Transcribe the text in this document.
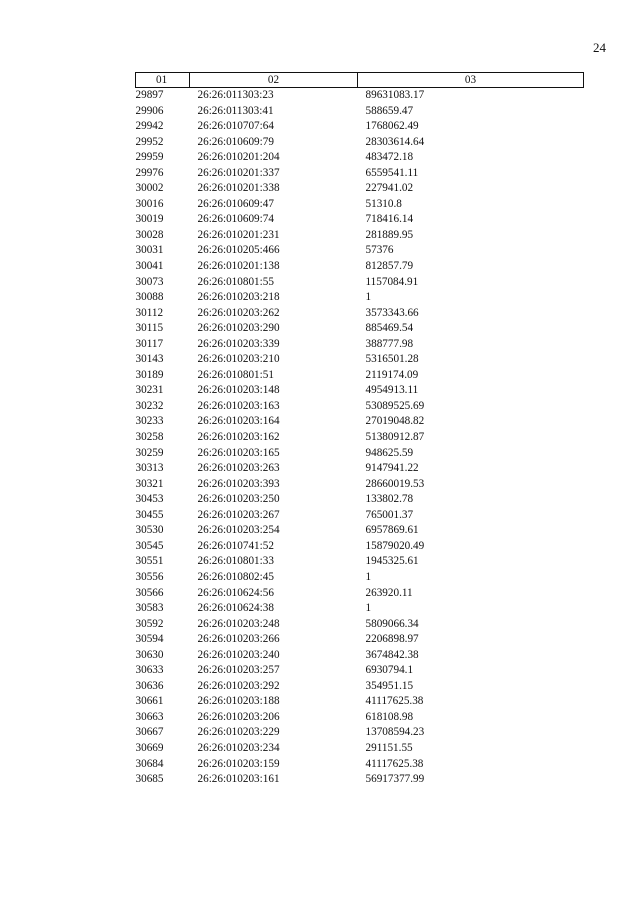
24
01	02	03
29897	26:26:011303:23	89631083.17
29906	26:26:011303:41	588659.47
29942	26:26:010707:64	1768062.49
29952	26:26:010609:79	28303614.64
29959	26:26:010201:204	483472.18
29976	26:26:010201:337	6559541.11
30002	26:26:010201:338	227941.02
30016	26:26:010609:47	51310.8
30019	26:26:010609:74	718416.14
30028	26:26:010201:231	281889.95
30031	26:26:010205:466	57376
30041	26:26:010201:138	812857.79
30073	26:26:010801:55	1157084.91
30088	26:26:010203:218	1
30112	26:26:010203:262	3573343.66
30115	26:26:010203:290	885469.54
30117	26:26:010203:339	388777.98
30143	26:26:010203:210	5316501.28
30189	26:26:010801:51	2119174.09
30231	26:26:010203:148	4954913.11
30232	26:26:010203:163	53089525.69
30233	26:26:010203:164	27019048.82
30258	26:26:010203:162	51380912.87
30259	26:26:010203:165	948625.59
30313	26:26:010203:263	9147941.22
30321	26:26:010203:393	28660019.53
30453	26:26:010203:250	133802.78
30455	26:26:010203:267	765001.37
30530	26:26:010203:254	6957869.61
30545	26:26:010741:52	15879020.49
30551	26:26:010801:33	1945325.61
30556	26:26:010802:45	1
30566	26:26:010624:56	263920.11
30583	26:26:010624:38	1
30592	26:26:010203:248	5809066.34
30594	26:26:010203:266	2206898.97
30630	26:26:010203:240	3674842.38
30633	26:26:010203:257	6930794.1
30636	26:26:010203:292	354951.15
30661	26:26:010203:188	41117625.38
30663	26:26:010203:206	618108.98
30667	26:26:010203:229	13708594.23
30669	26:26:010203:234	291151.55
30684	26:26:010203:159	41117625.38
30685	26:26:010203:161	56917377.99
